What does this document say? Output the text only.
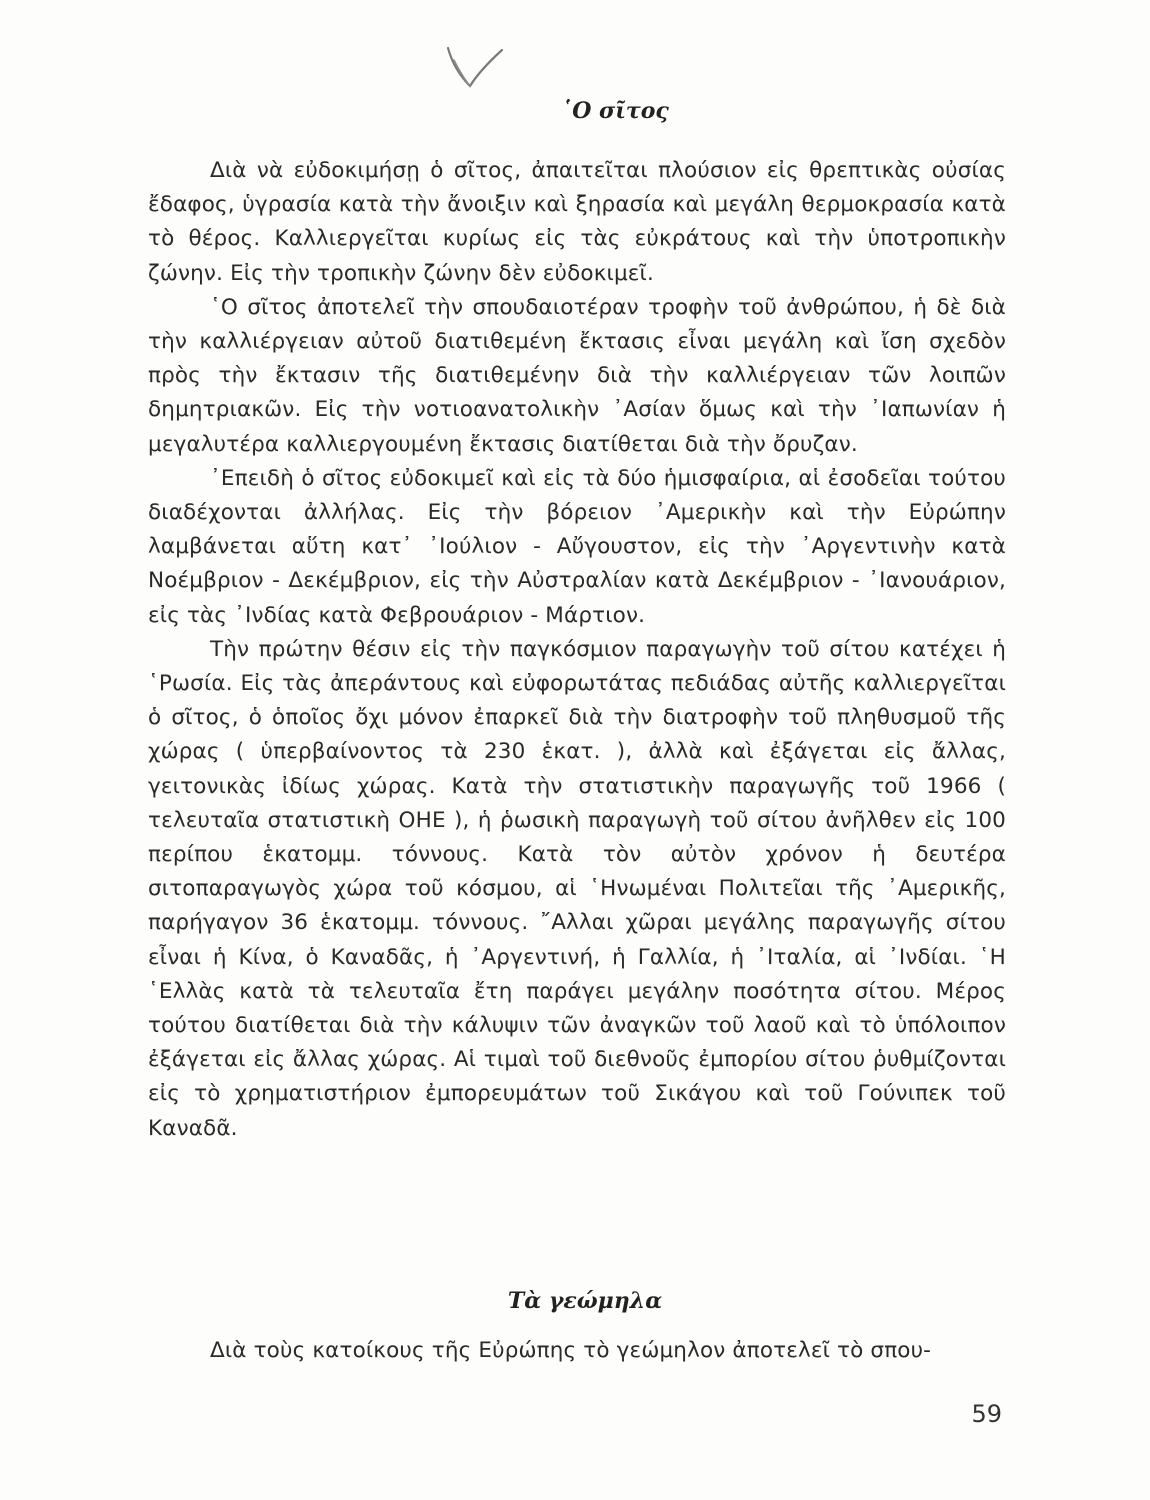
῾Ο σῖτος

Διὰ νὰ εὐδοκιμήσῃ ὁ σῖτος, ἀπαιτεῖται πλούσιον εἰς θρεπτικὰς οὐσίας ἔδαφος, ὑγρασία κατὰ τὴν ἄνοιξιν καὶ ξηρασία καὶ μεγάλη θερμοκρασία κατὰ τὸ θέρος. Καλλιεργεῖται κυρίως εἰς τὰς εὐκράτους καὶ τὴν ὑποτροπικὴν ζώνην. Εἰς τὴν τροπικὴν ζώνην δὲν εὐδοκιμεῖ.

῾Ο σῖτος ἀποτελεῖ τὴν σπουδαιοτέραν τροφὴν τοῦ ἀνθρώπου, ἡ δὲ διὰ τὴν καλλιέργειαν αὐτοῦ διατιθεμένη ἔκτασις εἶναι μεγάλη καὶ ἴση σχεδὸν πρὸς τὴν ἔκτασιν τῆς διατιθεμένην διὰ τὴν καλλιέργειαν τῶν λοιπῶν δημητριακῶν. Εἰς τὴν νοτιοανατολικὴν ᾿Ασίαν ὅμως καὶ τὴν ᾿Ιαπωνίαν ἡ μεγαλυτέρα καλλιεργουμένη ἔκτασις διατίθεται διὰ τὴν ὄρυζαν.

᾿Επειδὴ ὁ σῖτος εὐδοκιμεῖ καὶ εἰς τὰ δύο ἡμισφαίρια, αἱ ἐσοδεῖαι τούτου διαδέχονται ἀλλήλας. Εἰς τὴν βόρειον ᾿Αμερικὴν καὶ τὴν Εὐρώπην λαμβάνεται αὕτη κατ᾿ ᾿Ιούλιον - Αὔγουστον, εἰς τὴν ᾿Αργεντινὴν κατὰ Νοέμβριον - Δεκέμβριον, εἰς τὴν Αὐστραλίαν κατὰ Δεκέμβριον - ᾿Ιανουάριον, εἰς τὰς ᾿Ινδίας κατὰ Φεβρουάριον - Μάρτιον.

Τὴν πρώτην θέσιν εἰς τὴν παγκόσμιον παραγωγὴν τοῦ σίτου κατέχει ἡ ῾Ρωσία. Εἰς τὰς ἀπεράντους καὶ εὐφορωτάτας πεδιάδας αὐτῆς καλλιεργεῖται ὁ σῖτος, ὁ ὁποῖος ὄχι μόνον ἐπαρκεῖ διὰ τὴν διατροφὴν τοῦ πληθυσμοῦ τῆς χώρας ( ὑπερβαίνοντος τὰ 230 ἑκατ. ), ἀλλὰ καὶ ἐξάγεται εἰς ἄλλας, γειτονικὰς ἰδίως χώρας. Κατὰ τὴν στατιστικὴν παραγωγῆς τοῦ 1966 ( τελευταῖα στατιστικὴ ΟΗΕ ), ἡ ῥωσικὴ παραγωγὴ τοῦ σίτου ἀνῆλθεν εἰς 100 περίπου ἑκατομμ. τόννους. Κατὰ τὸν αὐτὸν χρόνον ἡ δευτέρα σιτοπαραγωγὸς χώρα τοῦ κόσμου, αἱ ῾Ηνωμέναι Πολιτεῖαι τῆς ᾿Αμερικῆς, παρήγαγον 36 ἑκατομμ. τόννους. ῎Αλλαι χῶραι μεγάλης παραγωγῆς σίτου εἶναι ἡ Κίνα, ὁ Καναδᾶς, ἡ ᾿Αργεντινή, ἡ Γαλλία, ἡ ᾿Ιταλία, αἱ ᾿Ινδίαι. ῾Η ῾Ελλὰς κατὰ τὰ τελευταῖα ἔτη παράγει μεγάλην ποσότητα σίτου. Μέρος τούτου διατίθεται διὰ τὴν κάλυψιν τῶν ἀναγκῶν τοῦ λαοῦ καὶ τὸ ὑπόλοιπον ἐξάγεται εἰς ἄλλας χώρας. Αἱ τιμαὶ τοῦ διεθνοῦς ἐμπορίου σίτου ῥυθμίζονται εἰς τὸ χρηματιστήριον ἐμπορευμάτων τοῦ Σικάγου καὶ τοῦ Γούνιπεκ τοῦ Καναδᾶ.

Τὰ γεώμηλα

Διὰ τοὺς κατοίκους τῆς Εὐρώπης τὸ γεώμηλον ἀποτελεῖ τὸ σπου-

59
